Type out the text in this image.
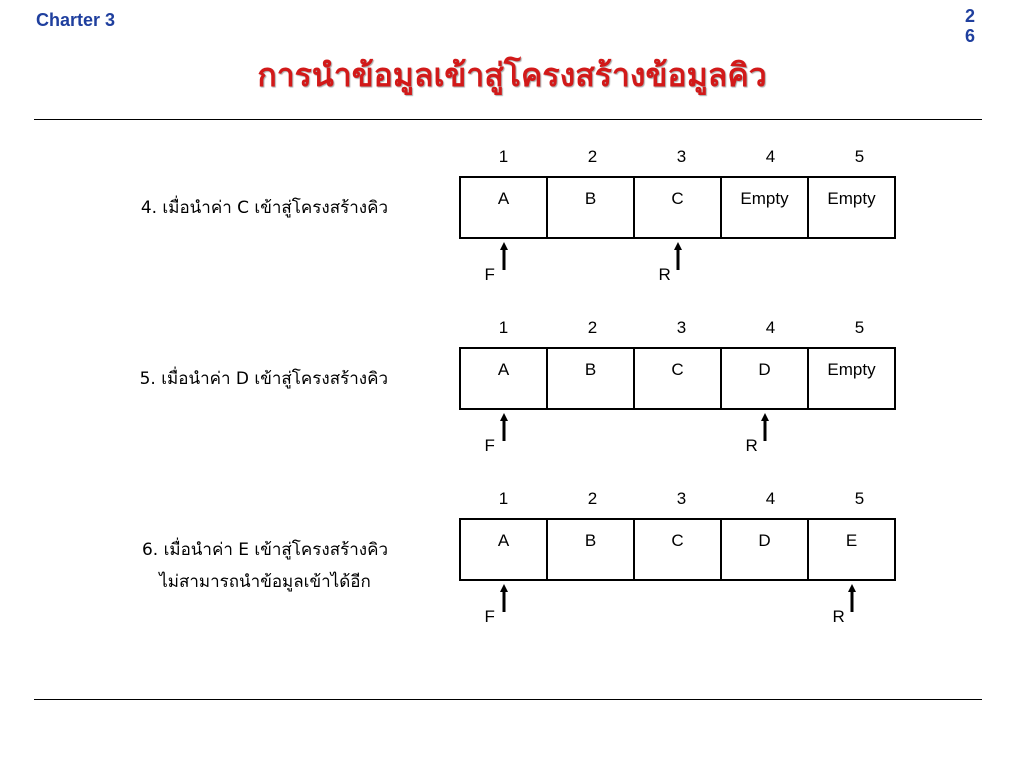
Charter 3	2
6
การนำข้อมูลเข้าสู่โครงสร้างข้อมูลคิว
4. เมื่อนำค่า C เข้าสู่โครงสร้างคิว
1	2	3	4	5
A	B	C	Empty	Empty
F	R
5. เมื่อนำค่า D เข้าสู่โครงสร้างคิว
1	2	3	4	5
A	B	C	D	Empty
F	R
6. เมื่อนำค่า E เข้าสู่โครงสร้างคิว
ไม่สามารถนำข้อมูลเข้าได้อีก
1	2	3	4	5
A	B	C	D	E
F	R
